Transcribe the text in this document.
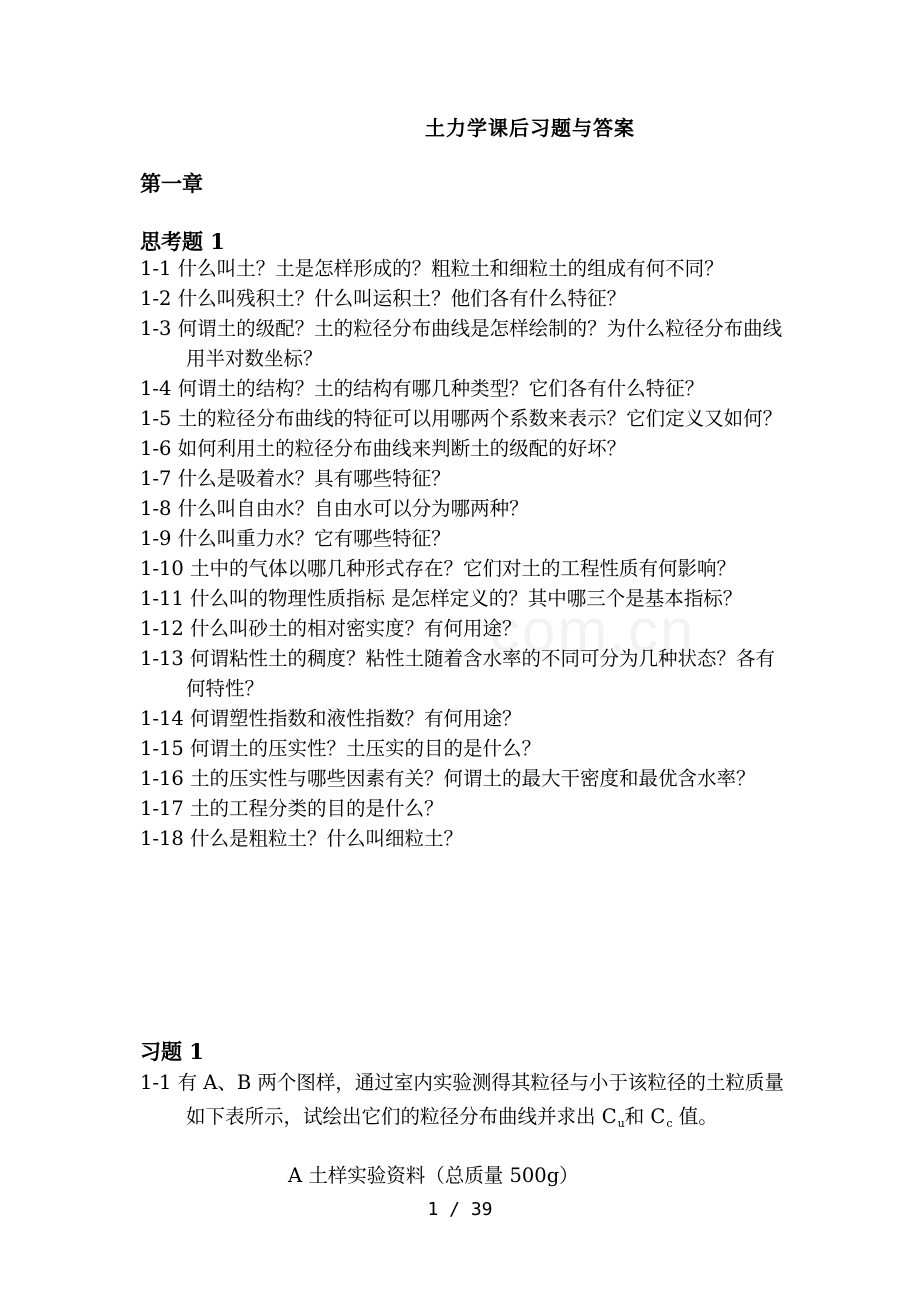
com.cn
土力学课后习题与答案
第一章
思考题 1
1-1 什么叫土？土是怎样形成的？粗粒土和细粒土的组成有何不同？
1-2 什么叫残积土？什么叫运积土？他们各有什么特征？
1-3 何谓土的级配？土的粒径分布曲线是怎样绘制的？为什么粒径分布曲线用半对数坐标？
1-4 何谓土的结构？土的结构有哪几种类型？它们各有什么特征？
1-5 土的粒径分布曲线的特征可以用哪两个系数来表示？它们定义又如何？
1-6 如何利用土的粒径分布曲线来判断土的级配的好坏？
1-7 什么是吸着水？具有哪些特征？
1-8 什么叫自由水？自由水可以分为哪两种？
1-9 什么叫重力水？它有哪些特征？
1-10 土中的气体以哪几种形式存在？它们对土的工程性质有何影响？
1-11 什么叫的物理性质指标 是怎样定义的？其中哪三个是基本指标？
1-12 什么叫砂土的相对密实度？有何用途？
1-13 何谓粘性土的稠度？粘性土随着含水率的不同可分为几种状态？各有何特性？
1-14 何谓塑性指数和液性指数？有何用途？
1-15 何谓土的压实性？土压实的目的是什么？
1-16 土的压实性与哪些因素有关？何谓土的最大干密度和最优含水率？
1-17 土的工程分类的目的是什么？
1-18 什么是粗粒土？什么叫细粒土？
习题 1
1-1 有 A、B 两个图样，通过室内实验测得其粒径与小于该粒径的土粒质量如下表所示，试绘出它们的粒径分布曲线并求出 $C_u$和 $C_c$ 值。
A 土样实验资料（总质量 500g）
1 / 39
